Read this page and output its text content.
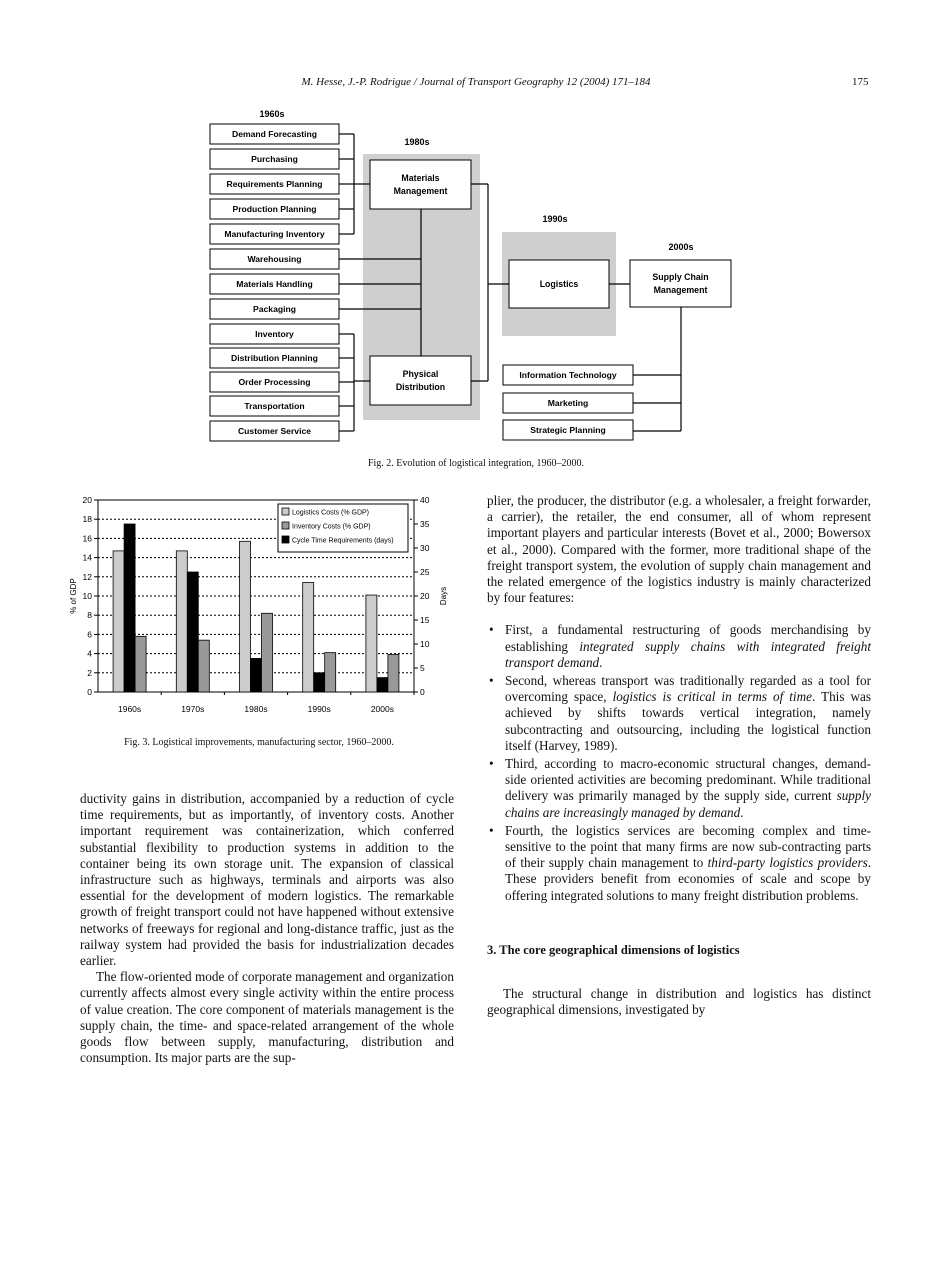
M. Hesse, J.-P. Rodrigue / Journal of Transport Geography 12 (2004) 171–184	175
1960s
1980s
1990s
2000s
Demand Forecasting
Purchasing
Requirements Planning
Production Planning
Manufacturing Inventory
Warehousing
Materials Handling
Packaging
Inventory
Distribution Planning
Order Processing
Transportation
Customer Service
Materials
Management
Physical
Distribution
Logistics
Supply Chain
Management
Information Technology
Marketing
Strategic Planning
Fig. 2. Evolution of logistical integration, 1960–2000.
0
2
4
6
8
10
12
14
16
18
20
0
5
10
15
20
25
30
35
40
1960s	1970s	1980s	1990s	2000s
% of GDP	Days
Logistics Costs (% GDP)
Inventory Costs (% GDP)
Cycle Time Requirements (days)
Fig. 3. Logistical improvements, manufacturing sector, 1960–2000.

ductivity gains in distribution, accompanied by a reduction of cycle time requirements, but as importantly, of inventory costs. Another important requirement was containerization, which conferred substantial flexibility to production systems in addition to the container being its own storage unit. The expansion of classical infrastructure such as highways, terminals and airports was also essential for the development of modern logistics. The remarkable growth of freight transport could not have happened without extensive networks of freeways for regional and long-distance traffic, just as the railway system had provided the basis for industrialization decades earlier.

The flow-oriented mode of corporate management and organization currently affects almost every single activity within the entire process of value creation. The core component of materials management is the supply chain, the time- and space-related arrangement of the whole goods flow between supply, manufacturing, distribution and consumption. Its major parts are the sup-

plier, the producer, the distributor (e.g. a wholesaler, a freight forwarder, a carrier), the retailer, the end consumer, all of whom represent important players and particular interests (Bovet et al., 2000; Bowersox et al., 2000). Compared with the former, more traditional shape of the freight transport system, the evolution of supply chain management and the related emergence of the logistics industry is mainly characterized by four features:

• First, a fundamental restructuring of goods merchandising by establishing integrated supply chains with integrated freight transport demand.
• Second, whereas transport was traditionally regarded as a tool for overcoming space, logistics is critical in terms of time. This was achieved by shifts towards vertical integration, namely subcontracting and outsourcing, including the logistical function itself (Harvey, 1989).
• Third, according to macro-economic structural changes, demand-side oriented activities are becoming predominant. While traditional delivery was primarily managed by the supply side, current supply chains are increasingly managed by demand.
• Fourth, the logistics services are becoming complex and time-sensitive to the point that many firms are now sub-contracting parts of their supply chain management to third-party logistics providers. These providers benefit from economies of scale and scope by offering integrated solutions to many freight distribution problems.

3. The core geographical dimensions of logistics

The structural change in distribution and logistics has distinct geographical dimensions, investigated by
